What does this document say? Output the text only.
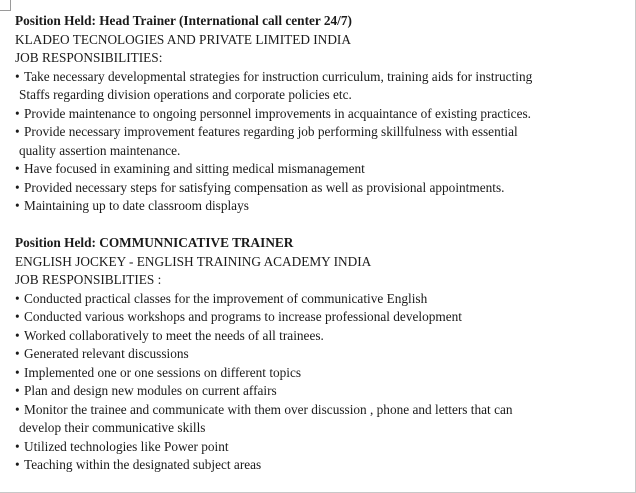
Position Held: Head Trainer (International call center 24/7)
KLADEO TECNOLOGIES AND PRIVATE LIMITED INDIA
JOB RESPONSIBILITIES:
• Take necessary developmental strategies for instruction curriculum, training aids for instructing
Staffs regarding division operations and corporate policies etc.
• Provide maintenance to ongoing personnel improvements in acquaintance of existing practices.
• Provide necessary improvement features regarding job performing skillfulness with essential
quality assertion maintenance.
• Have focused in examining and sitting medical mismanagement
• Provided necessary steps for satisfying compensation as well as provisional appointments.
• Maintaining up to date classroom displays
Position Held: COMMUNNICATIVE TRAINER
ENGLISH JOCKEY - ENGLISH TRAINING ACADEMY INDIA
JOB RESPONSIBLITIES :
• Conducted practical classes for the improvement of communicative English
• Conducted various workshops and programs to increase professional development
• Worked collaboratively to meet the needs of all trainees.
• Generated relevant discussions
• Implemented one or one sessions on different topics
• Plan and design new modules on current affairs
• Monitor the trainee and communicate with them over discussion , phone and letters that can
develop their communicative skills
• Utilized technologies like Power point
• Teaching within the designated subject areas
